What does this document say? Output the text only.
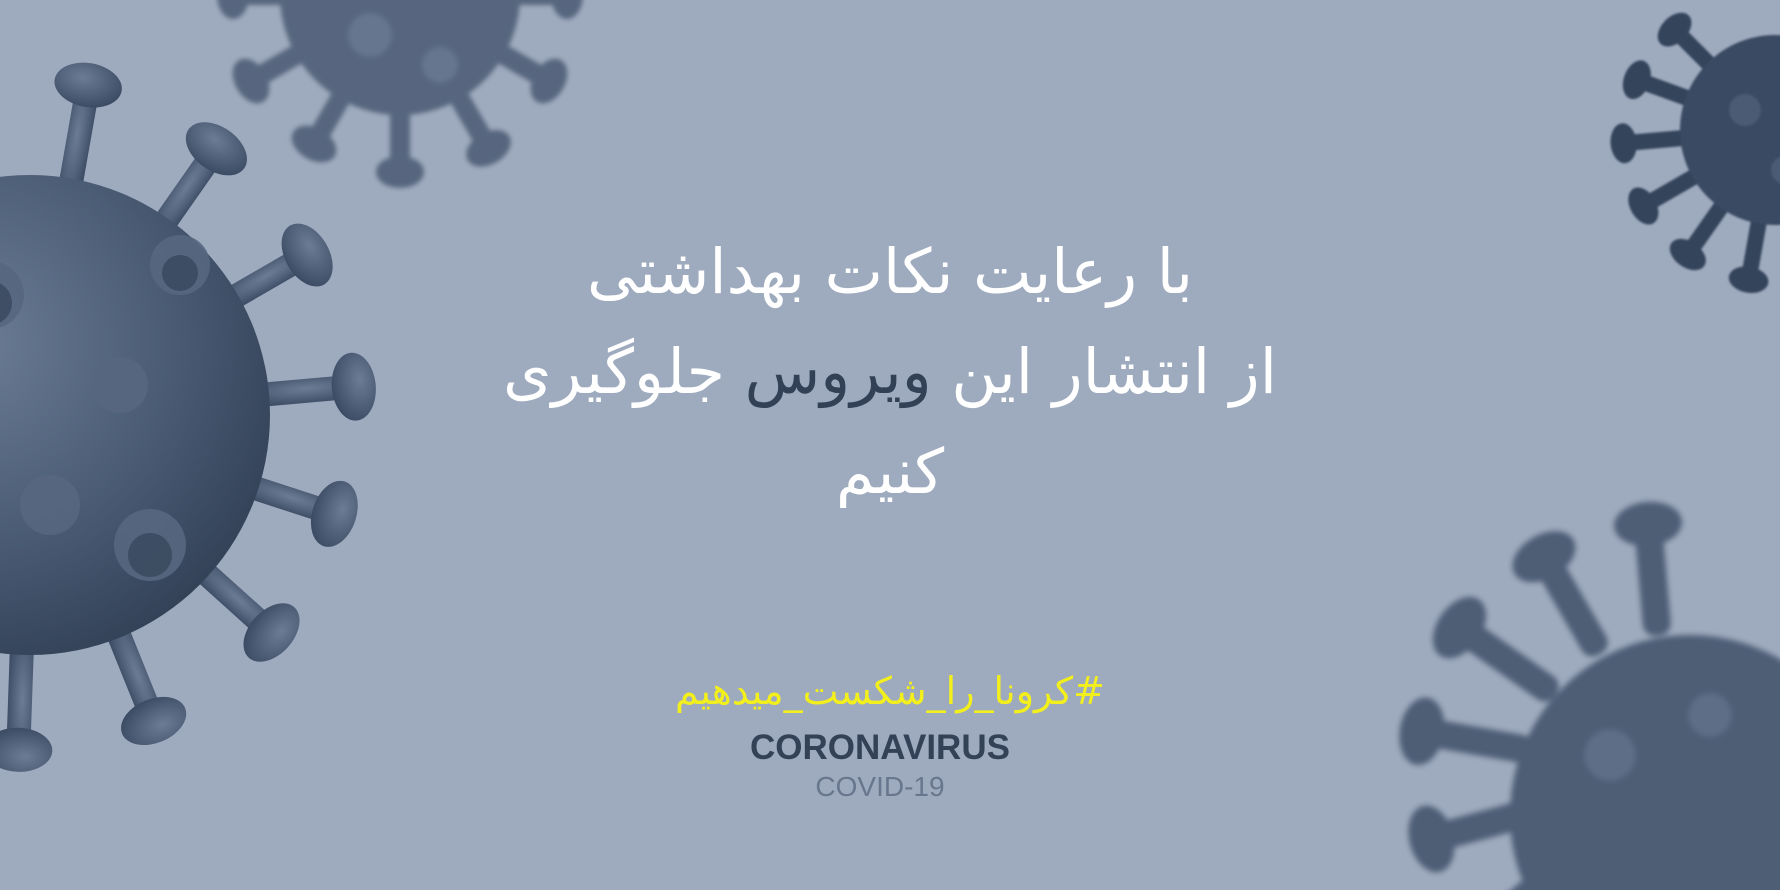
با رعایت نکات بهداشتی
از انتشار این ویروس جلوگیری
کنیم
#کرونا_را_شکست_میدهیم
CORONAVIRUS
COVID-19
